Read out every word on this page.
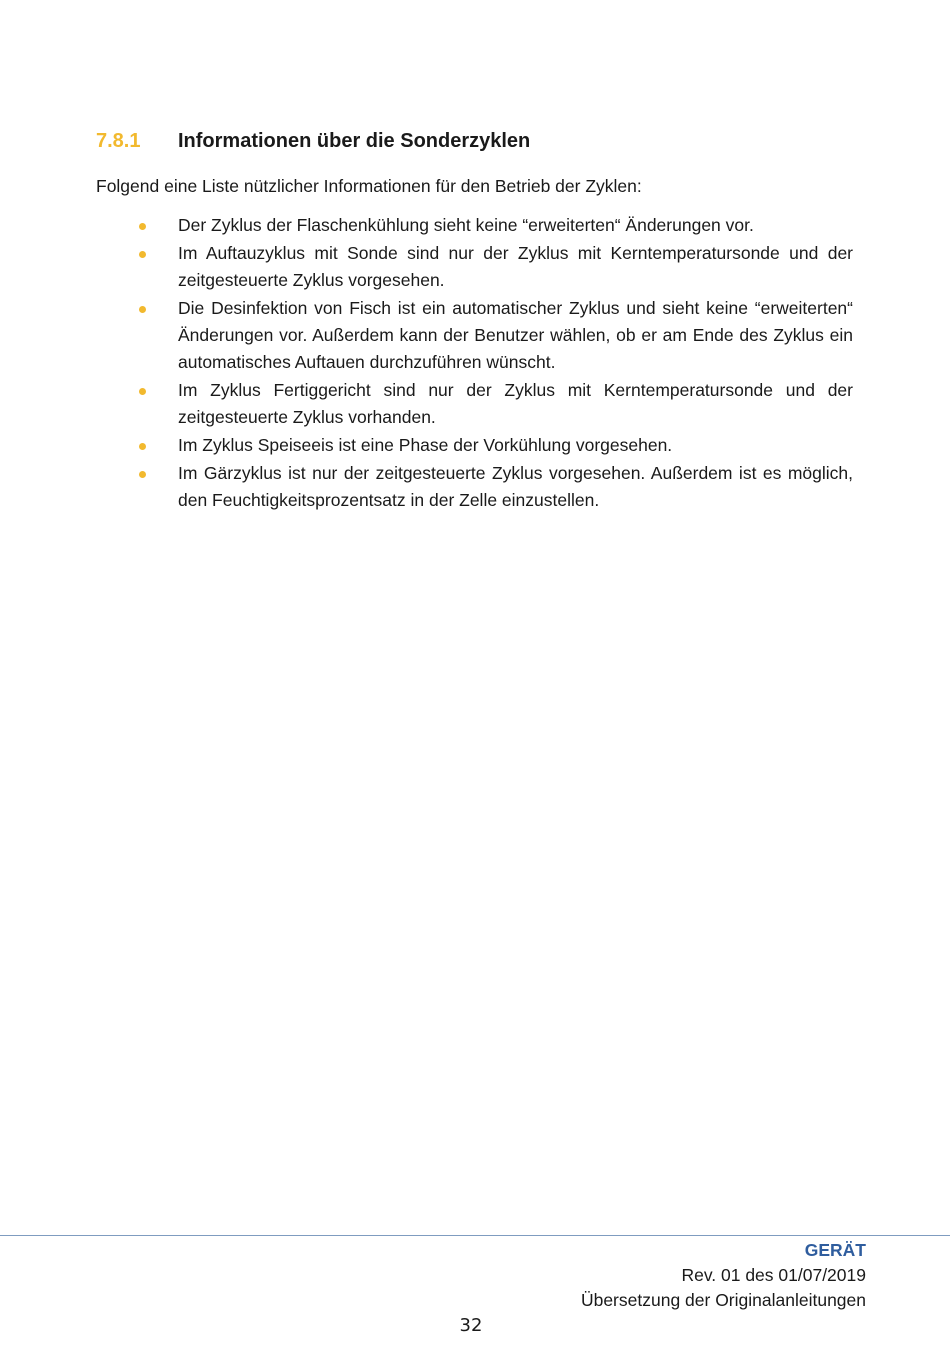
7.8.1	Informationen über die Sonderzyklen
Folgend eine Liste nützlicher Informationen für den Betrieb der Zyklen:
Der Zyklus der Flaschenkühlung sieht keine “erweiterten“ Änderungen vor.
Im Auftauzyklus mit Sonde sind nur der Zyklus mit Kerntemperatursonde und der zeitgesteuerte Zyklus vorgesehen.
Die Desinfektion von Fisch ist ein automatischer Zyklus und sieht keine “erweiterten“ Änderungen vor. Außerdem kann der Benutzer wählen, ob er am Ende des Zyklus ein automatisches Auftauen durchzuführen wünscht.
Im Zyklus Fertiggericht sind nur der Zyklus mit Kerntemperatursonde und der zeitgesteuerte Zyklus vorhanden.
Im Zyklus Speiseeis ist eine Phase der Vorkühlung vorgesehen.
Im Gärzyklus ist nur der zeitgesteuerte Zyklus vorgesehen. Außerdem ist es möglich, den Feuchtigkeitsprozentsatz in der Zelle einzustellen.
GERÄT
Rev. 01 des 01/07/2019
Übersetzung der Originalanleitungen
32
